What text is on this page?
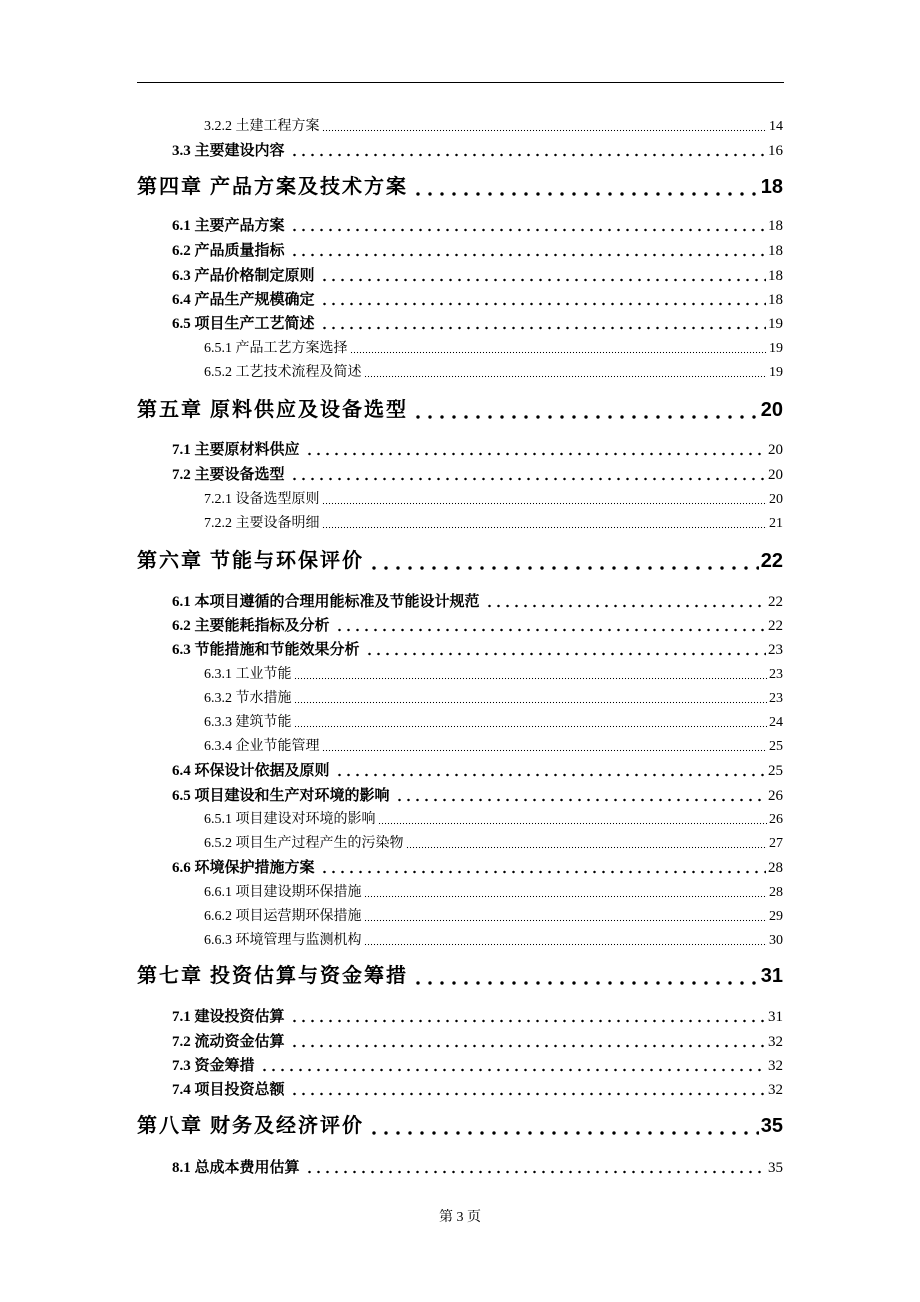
3.2.2 土建工程方案	14
3.3 主要建设内容	16
第四章 产品方案及技术方案	18
6.1 主要产品方案	18
6.2 产品质量指标	18
6.3 产品价格制定原则	18
6.4 产品生产规模确定	18
6.5 项目生产工艺简述	19
6.5.1 产品工艺方案选择	19
6.5.2 工艺技术流程及简述	19
第五章 原料供应及设备选型	20
7.1 主要原材料供应	20
7.2 主要设备选型	20
7.2.1 设备选型原则	20
7.2.2 主要设备明细	21
第六章 节能与环保评价	22
6.1 本项目遵循的合理用能标准及节能设计规范	22
6.2 主要能耗指标及分析	22
6.3 节能措施和节能效果分析	23
6.3.1 工业节能	23
6.3.2 节水措施	23
6.3.3 建筑节能	24
6.3.4 企业节能管理	25
6.4 环保设计依据及原则	25
6.5 项目建设和生产对环境的影响	26
6.5.1 项目建设对环境的影响	26
6.5.2 项目生产过程产生的污染物	27
6.6 环境保护措施方案	28
6.6.1 项目建设期环保措施	28
6.6.2 项目运营期环保措施	29
6.6.3 环境管理与监测机构	30
第七章 投资估算与资金筹措	31
7.1 建设投资估算	31
7.2 流动资金估算	32
7.3 资金筹措	32
7.4 项目投资总额	32
第八章 财务及经济评价	35
8.1 总成本费用估算	35
第 3 页
